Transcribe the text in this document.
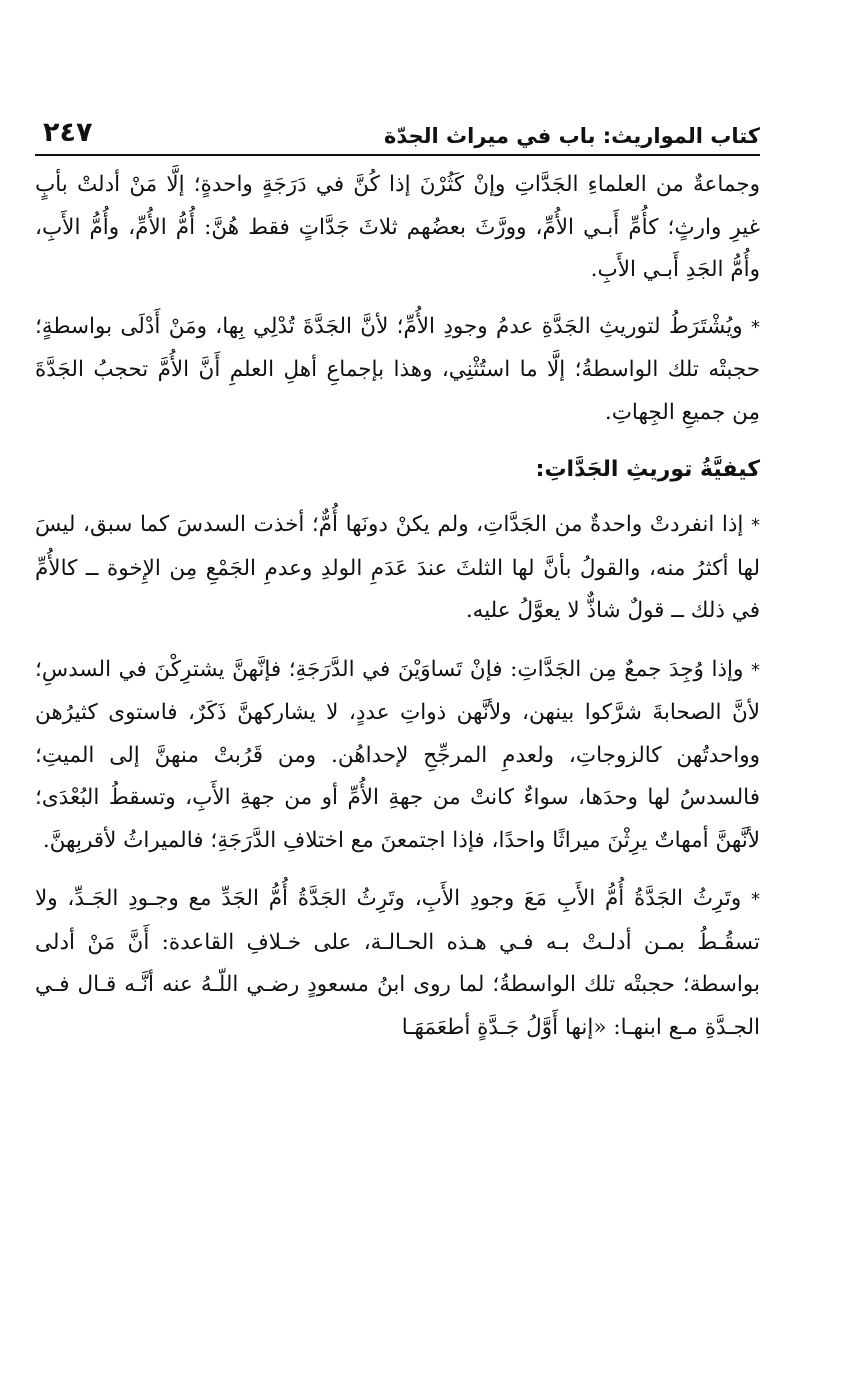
كتاب المواريث: باب في ميراث الجدّة
٢٤٧

وجماعةٌ من العلماءِ الجَدَّاتِ وإنْ كَثُرْنَ إذا كُنَّ في دَرَجَةٍ واحدةٍ؛ إلَّا مَنْ أدلتْ بأبٍ غيرِ وارثٍ؛ كأُمِّ أَبـي الأُمِّ، وورَّثَ بعضُهم ثلاثَ جَدَّاتٍ فقط هُنَّ: أُمُّ الأُمِّ، وأُمُّ الأَبِ، وأُمُّ الجَدِ أَبـي الأَبِ.

* ويُشْتَرَطُ لتوريثِ الجَدَّةِ عدمُ وجودِ الأُمِّ؛ لأنَّ الجَدَّةَ تُدْلِي بِها، ومَنْ أَدْلَى بواسطةٍ؛ حجبتْه تلك الواسطةُ؛ إلَّا ما استُثْنِي، وهذا بإجماعِ أهلِ العلمِ أَنَّ الأُمَّ تحجبُ الجَدَّةَ مِن جميعِ الجِهاتِ.

كيفيَّةُ توريثِ الجَدَّاتِ:

* إذا انفردتْ واحدةٌ من الجَدَّاتِ، ولم يكنْ دونَها أُمٌّ؛ أخذت السدسَ كما سبق، ليسَ لها أكثرُ منه، والقولُ بأنَّ لها الثلثَ عندَ عَدَمِ الولدِ وعدمِ الجَمْعِ مِن الإِخوة ــ كالأُمِّ في ذلك ــ قولٌ شاذٌّ لا يعوَّلُ عليه.

* وإذا وُجِدَ جمعٌ مِن الجَدَّاتِ: فإنْ تَساوَيْنَ في الدَّرَجَةِ؛ فإنَّهنَّ يشترِكْنَ في السدسِ؛ لأنَّ الصحابةَ شرَّكوا بينهن، ولأنَّهن ذواتِ عددٍ، لا يشاركهنَّ ذَكَرٌ، فاستوى كثيرُهن وواحدتُهن كالزوجاتِ، ولعدمِ المرجِّحِ لإحداهُن. ومن قَرُبتْ منهنَّ إلى الميتِ؛ فالسدسُ لها وحدَها، سواءٌ كانتْ من جهةِ الأُمِّ أو من جهةِ الأَبِ، وتسقطُ البُعْدَى؛ لأنَّهنَّ أمهاتٌ يرِثْنَ ميراثًا واحدًا، فإذا اجتمعنَ مع اختلافِ الدَّرَجَةِ؛ فالميراثُ لأقربِهنَّ.

* وتَرِثُ الجَدَّةُ أُمُّ الأَبِ مَعَ وجودِ الأَبِ، وتَرِثُ الجَدَّةُ أُمُّ الجَدِّ مع وجـودِ الجَـدِّ، ولا تسقُـطُ بمـن أدلـتْ بـه فـي هـذه الحـالـة، على خـلافِ القاعدة: أَنَّ مَنْ أدلى بواسطة؛ حجبتْه تلك الواسطةُ؛ لما روى ابنُ مسعودٍ رضـي اللّـهُ عنه أنَّـه قـال فـي الجـدَّةِ مـع ابنهـا: «إنها أَوَّلُ جَـدَّةٍ أطعَمَهَـا
